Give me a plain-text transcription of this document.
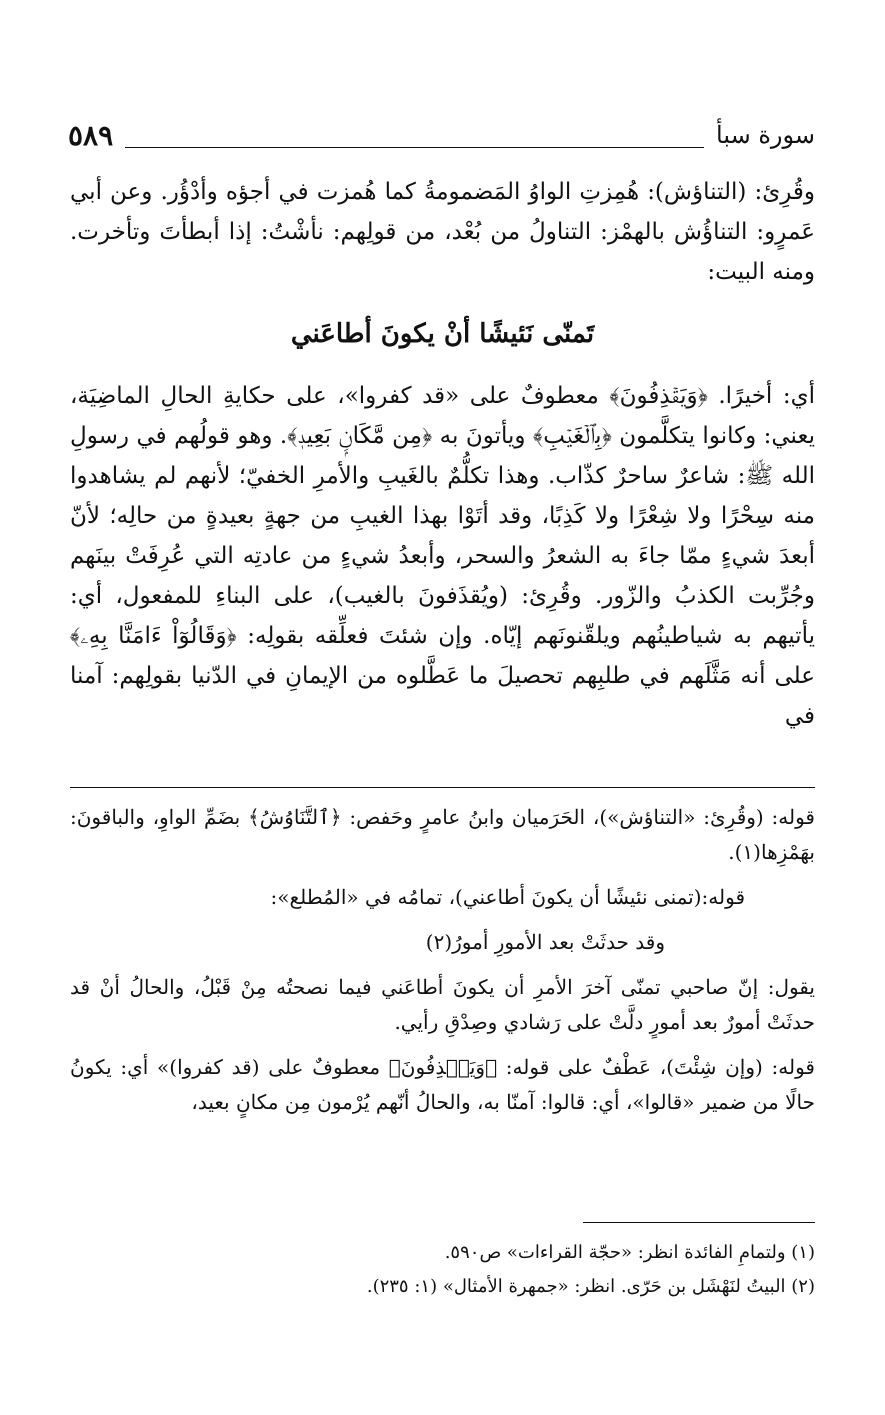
سورة سبأ
٥٨٩

وقُرِئ: (التناؤش): هُمِزتِ الواوُ المَضمومةُ كما هُمزت في أجؤه وأدْؤُر. وعن أبي عَمرٍو: التناؤُش بالهمْز: التناولُ من بُعْد، من قولِهم: نأشْتُ: إذا أبطأتَ وتأخرت. ومنه البيت:

تَمنّى نَئيشًا أنْ يكونَ أطاعَني

أي: أخيرًا. ﴿وَيَقۡذِفُونَ﴾ معطوفٌ على «قد كفروا»، على حكايةِ الحالِ الماضِيَة، يعني: وكانوا يتكلَّمون ﴿بِٱلۡغَيۡبِ﴾ ويأتونَ به ﴿مِن مَّكَانِۭ بَعِيدٖ﴾. وهو قولُهم في رسولِ الله ﷺ: شاعرٌ ساحرٌ كذّاب. وهذا تكلُّمٌ بالغَيبِ والأمرِ الخفيّ؛ لأنهم لم يشاهدوا منه سِحْرًا ولا شِعْرًا ولا كَذِبًا، وقد أتَوْا بهذا الغيبِ من جهةٍ بعيدةٍ من حالِه؛ لأنّ أبعدَ شيءٍ ممّا جاءَ به الشعرُ والسحر، وأبعدُ شيءٍ من عادتِه التي عُرِفَتْ بينَهم وجُرِّبت الكذبُ والزّور. وقُرِئ: (ويُقذَفونَ بالغيب)، على البناءِ للمفعول، أي: يأتيهم به شياطينُهم ويلقّنونَهم إيّاه. وإن شئتَ فعلِّقه بقولِه: ﴿وَقَالُوٓاْ ءَامَنَّا بِهِۦ﴾ على أنه مَثَّلَهم في طلبِهم تحصيلَ ما عَطَّلوه من الإيمانِ في الدّنيا بقولِهم: آمنا في

قوله: (وقُرِئ: «التناؤش»)، الحَرَميان وابنُ عامرٍ وحَفص: ﴿ٱلتَّنَاوُشُ﴾ بضَمِّ الواوِ، والباقونَ: بهَمْزِها(١).

قوله:(تمنى نئيشًا أن يكونَ أطاعني)، تمامُه في «المُطلع»:

وقد حدثَتْ بعد الأمورِ أمورُ(٢)

يقول: إنّ صاحبي تمنّى آخرَ الأمرِ أن يكونَ أطاعَني فيما نصحتُه مِنْ قَبْلُ، والحالُ أنْ قد حدثَتْ أمورٌ بعد أمورٍ دلَّتْ على رَشادي وصِدْقِ رأيي.

قوله: (وإن شِئْتَ)، عَطْفٌ على قوله: ﴿وَيَقۡذِفُونَ﴾ معطوفٌ على (قد كفروا)» أي: يكونُ حالًا من ضمير «قالوا»، أي: قالوا: آمنّا به، والحالُ أنّهم يُرْمون مِن مكانٍ بعيد،

(١) ولتمامِ الفائدة انظر: «حجّة القراءات» ص٥٩٠.

(٢) البيتُ لنَهْشَل بن حَرّى. انظر: «جمهرة الأمثال» (١: ٢٣٥).
